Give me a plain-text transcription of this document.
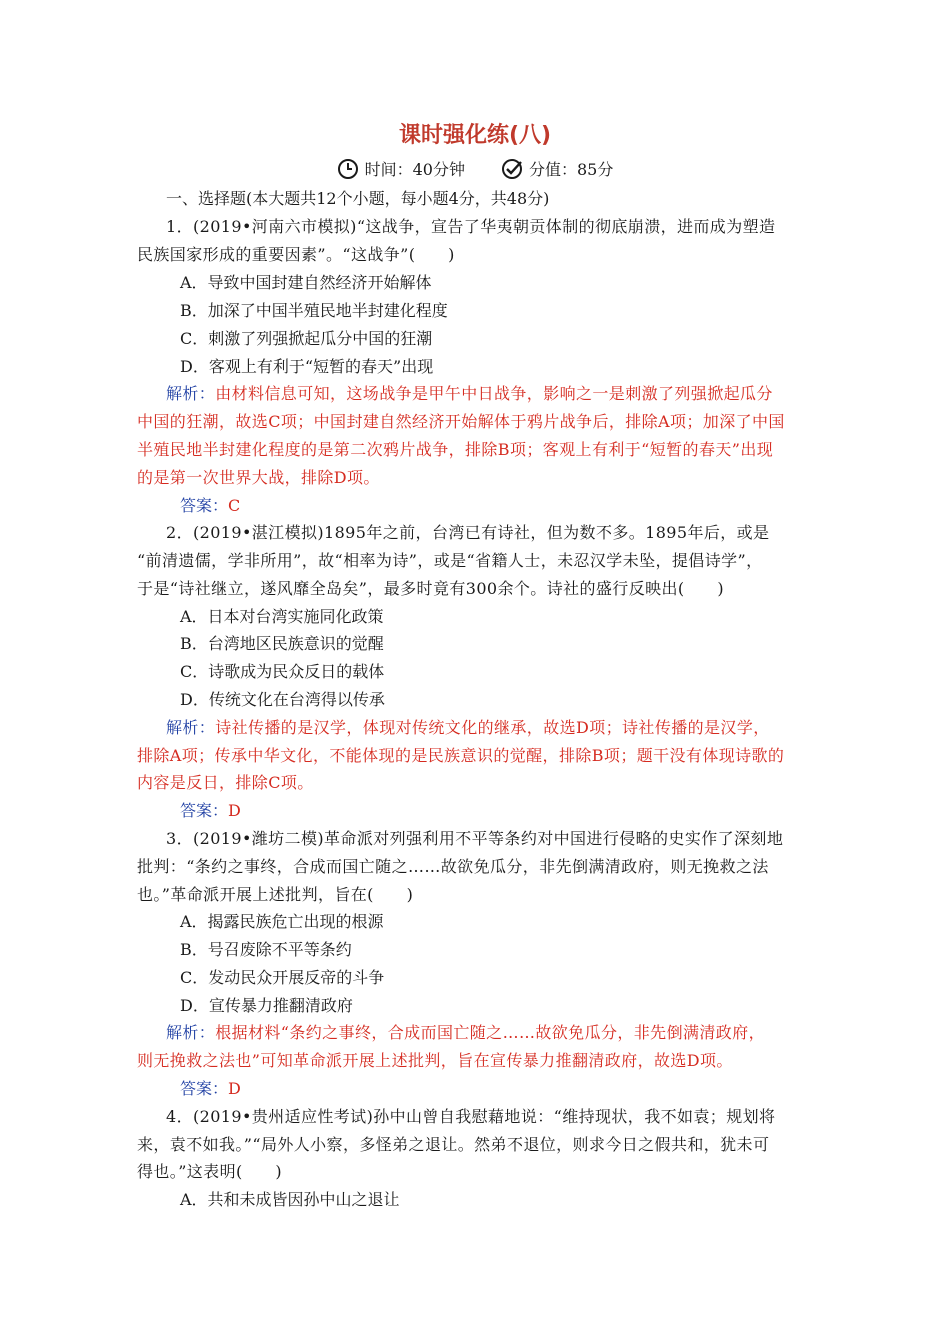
课时强化练(八)
时间：40分钟	分值：85分
一、选择题(本大题共12个小题，每小题4分，共48分)
1．(2019•河南六市模拟)“这战争，宣告了华夷朝贡体制的彻底崩溃，进而成为塑造
民族国家形成的重要因素”。“这战争”(　　)
A．导致中国封建自然经济开始解体
B．加深了中国半殖民地半封建化程度
C．刺激了列强掀起瓜分中国的狂潮
D．客观上有利于“短暂的春天”出现
解析：由材料信息可知，这场战争是甲午中日战争，影响之一是刺激了列强掀起瓜分
中国的狂潮，故选C项；中国封建自然经济开始解体于鸦片战争后，排除A项；加深了中国
半殖民地半封建化程度的是第二次鸦片战争，排除B项；客观上有利于“短暂的春天”出现
的是第一次世界大战，排除D项。
答案：C
2．(2019•湛江模拟)1895年之前，台湾已有诗社，但为数不多。1895年后，或是
“前清遗儒，学非所用”，故“相率为诗”，或是“省籍人士，未忍汉学未坠，提倡诗学”，
于是“诗社继立，遂风靡全岛矣”，最多时竟有300余个。诗社的盛行反映出(　　)
A．日本对台湾实施同化政策
B．台湾地区民族意识的觉醒
C．诗歌成为民众反日的载体
D．传统文化在台湾得以传承
解析：诗社传播的是汉学，体现对传统文化的继承，故选D项；诗社传播的是汉学，
排除A项；传承中华文化，不能体现的是民族意识的觉醒，排除B项；题干没有体现诗歌的
内容是反日，排除C项。
答案：D
3．(2019•潍坊二模)革命派对列强利用不平等条约对中国进行侵略的史实作了深刻地
批判：“条约之事终，合成而国亡随之……故欲免瓜分，非先倒满清政府，则无挽救之法
也。”革命派开展上述批判，旨在(　　)
A．揭露民族危亡出现的根源
B．号召废除不平等条约
C．发动民众开展反帝的斗争
D．宣传暴力推翻清政府
解析：根据材料“条约之事终，合成而国亡随之……故欲免瓜分，非先倒满清政府，
则无挽救之法也”可知革命派开展上述批判，旨在宣传暴力推翻清政府，故选D项。
答案：D
4．(2019•贵州适应性考试)孙中山曾自我慰藉地说：“维持现状，我不如袁；规划将
来，袁不如我。”“局外人小察，多怪弟之退让。然弟不退位，则求今日之假共和，犹未可
得也。”这表明(　　)
A．共和未成皆因孙中山之退让
